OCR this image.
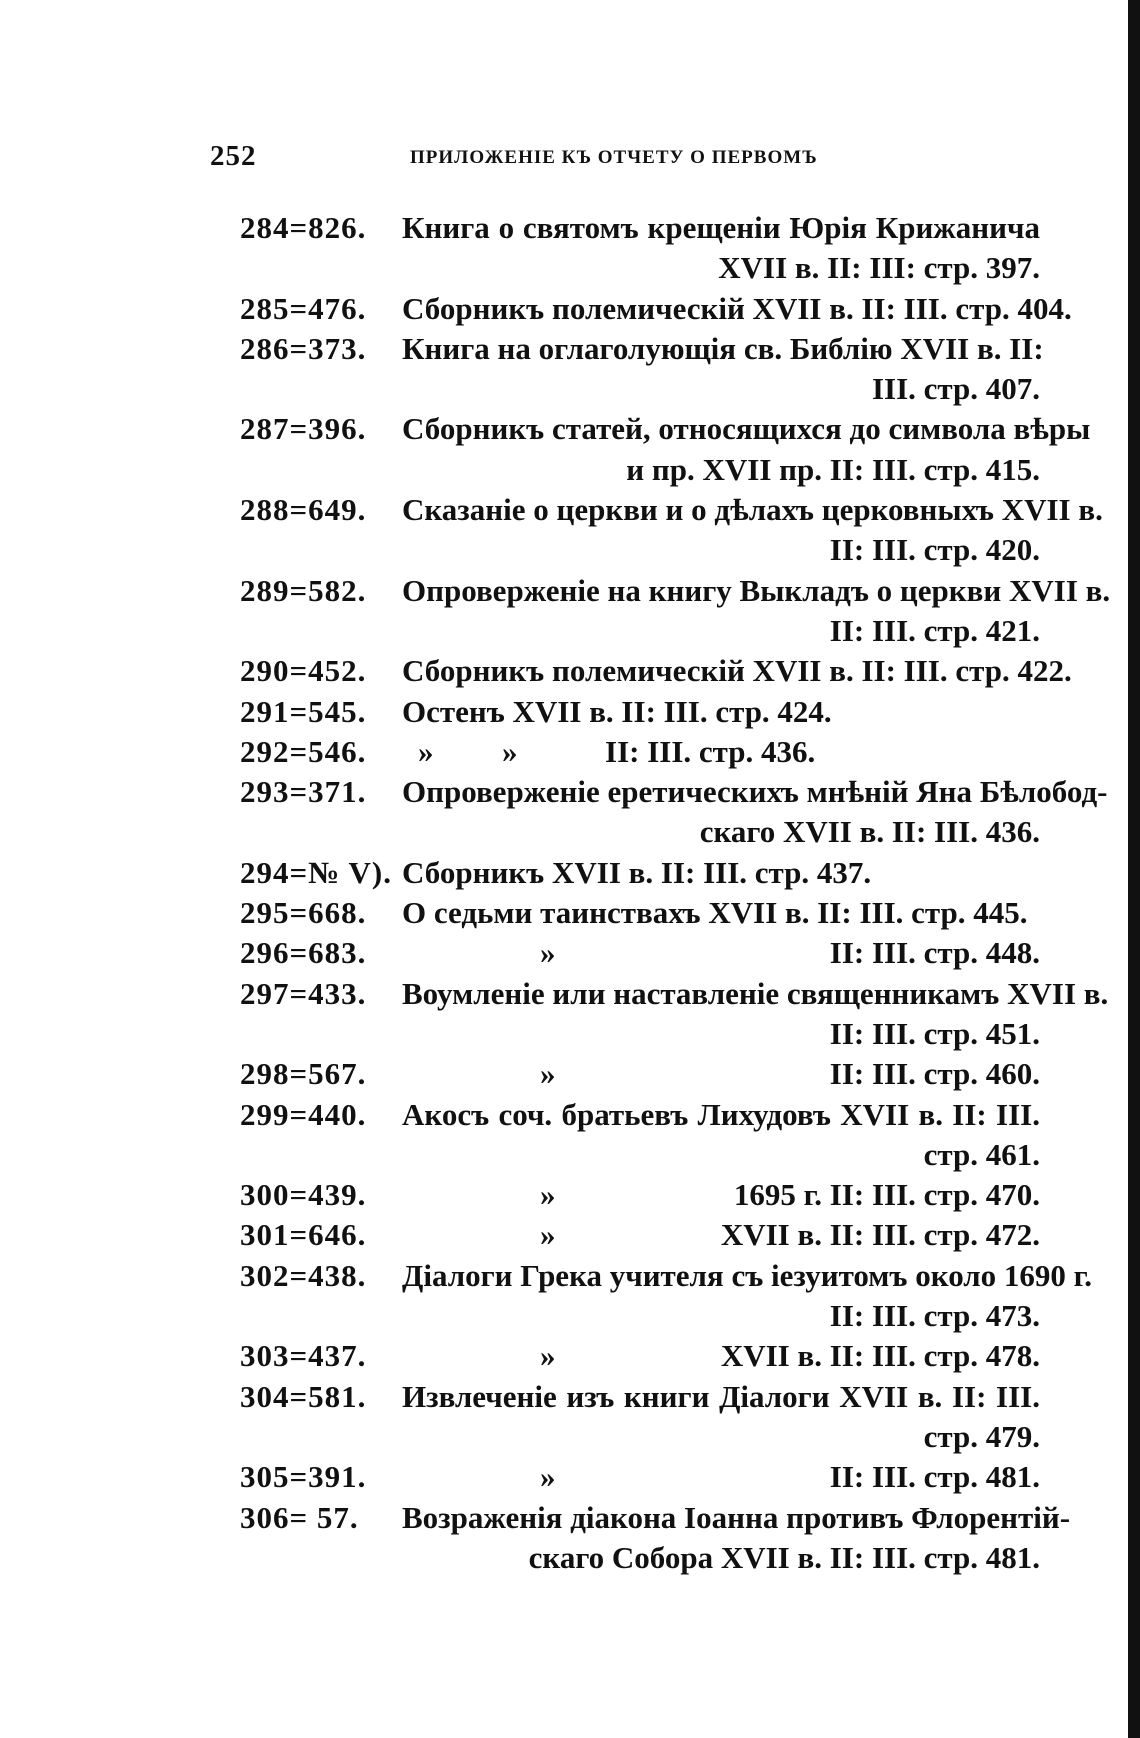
252	ПРИЛОЖЕНІЕ КЪ ОТЧЕТУ О ПЕРВОМЪ
284=826. Книга о святомъ крещеніи Юрія Крижанича
XVII в. II: III: стр. 397.
285=476. Сборникъ полемическій XVII в. II: III. стр. 404.
286=373. Книга на оглаголующія св. Библію XVII в. II:
III. стр. 407.
287=396. Сборникъ статей, относящихся до символа вѣры
и пр. XVII пр. II: III. стр. 415.
288=649. Сказаніе о церкви и о дѣлахъ церковныхъ XVII в.
II: III. стр. 420.
289=582. Опроверженіе на книгу Выкладъ о церкви XVII в.
II: III. стр. 421.
290=452. Сборникъ полемическій XVII в. II: III. стр. 422.
291=545. Остенъ XVII в. II: III. стр. 424.
292=546. » »	II: III. стр. 436.
293=371. Опроверженіе еретическихъ мнѣній Яна Бѣлобод-
скаго XVII в. II: III. 436.
294=№ V). Сборникъ XVII в. II: III. стр. 437.
295=668. О седьми таинствахъ XVII в. II: III. стр. 445.
296=683.	»	II: III. стр. 448.
297=433. Воумленіе или наставленіе священникамъ XVII в.
II: III. стр. 451.
298=567.	»	II: III. стр. 460.
299=440. Акосъ соч. братьевъ Лихудовъ XVII в. II: III.
стр. 461.
300=439.	»	1695 г. II: III. стр. 470.
301=646.	»	XVII в. II: III. стр. 472.
302=438. Діалоги Грека учителя съ іезуитомъ около 1690 г.
II: III. стр. 473.
303=437.	»	XVII в. II: III. стр. 478.
304=581. Извлеченіе изъ книги Діалоги XVII в. II: III.
стр. 479.
305=391.	»	II: III. стр. 481.
306= 57. Возраженія діакона Іоанна противъ Флорентій-
скаго Собора XVII в. II: III. стр. 481.
